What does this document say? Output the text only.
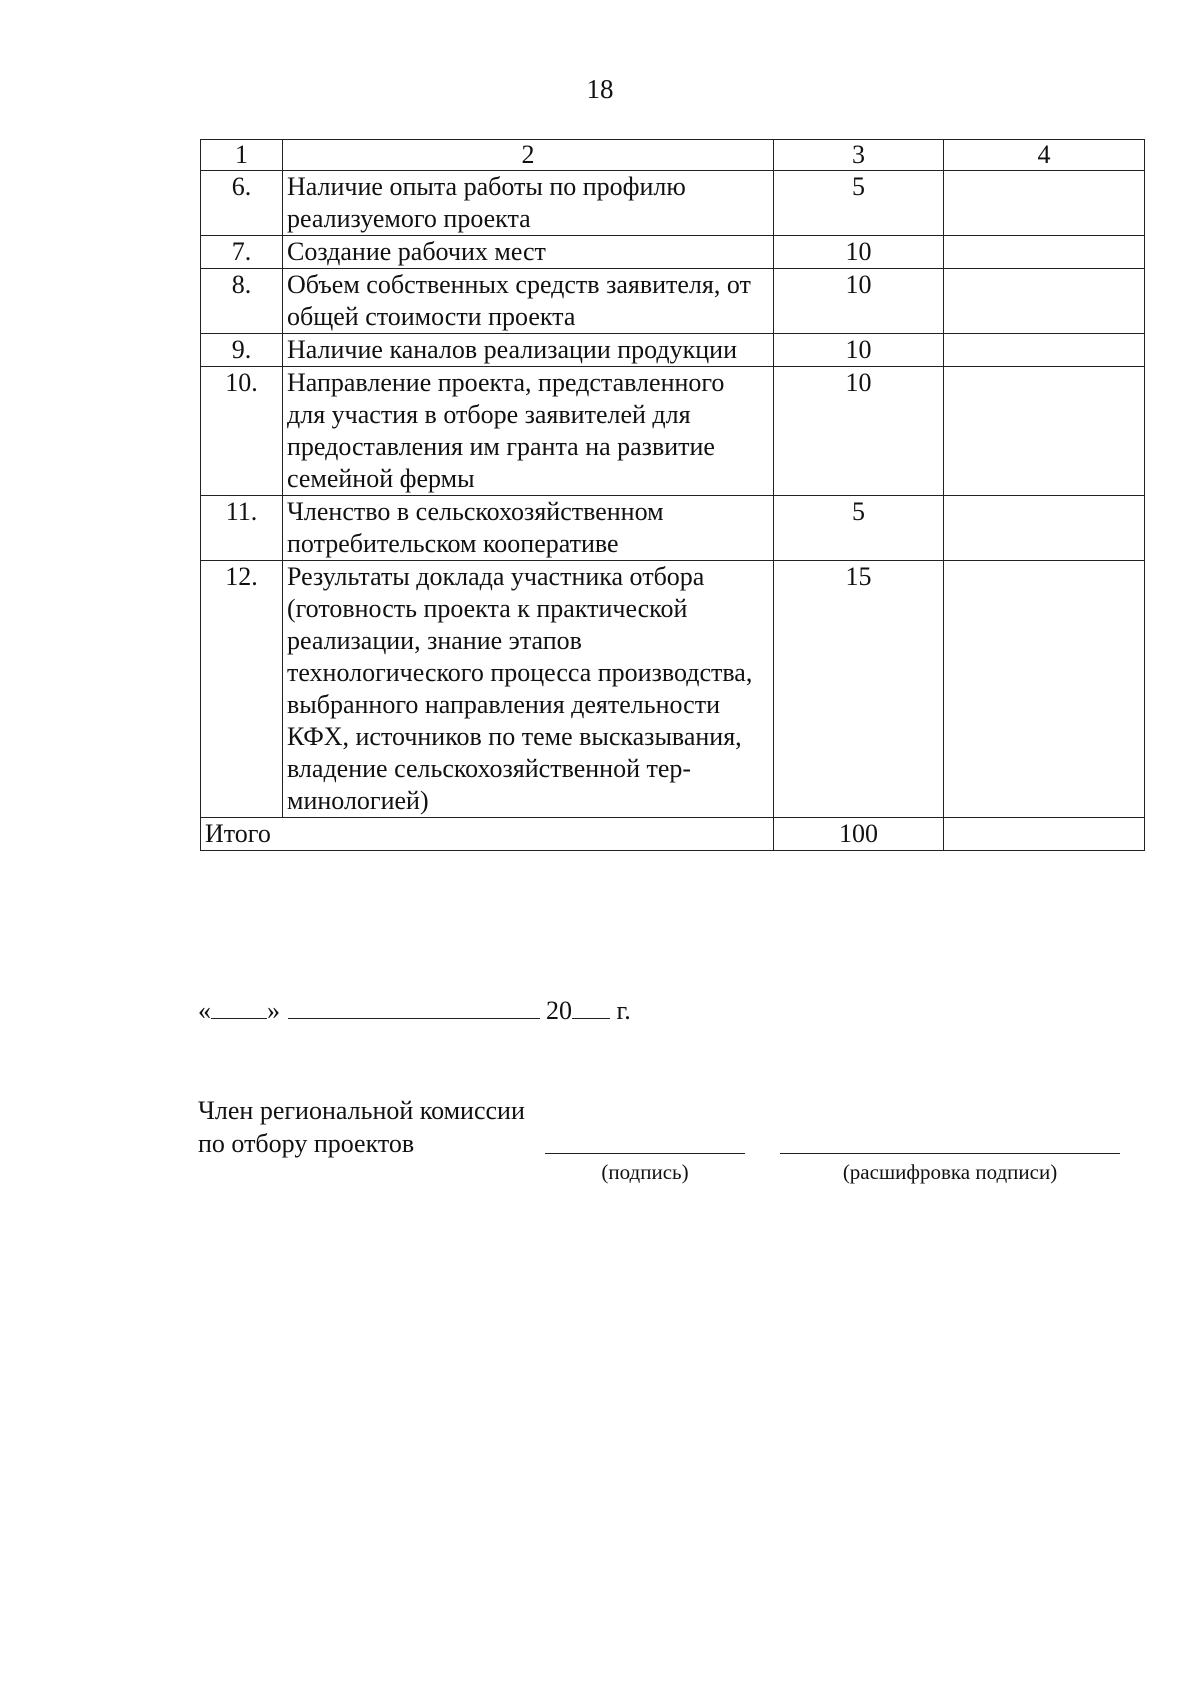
18
1	2	3	4
6.	Наличие опыта работы по профилю реализуемого проекта	5	
7.	Создание рабочих мест	10	
8.	Объем собственных средств заявителя, от общей стоимости проекта	10	
9.	Наличие каналов реализации продукции	10	
10.	Направление проекта, представленного для участия в отборе заявителей для предоставления им гранта на развитие семейной фермы	10	
11.	Членство в сельскохозяйственном потребительском кооперативе	5	
12.	Результаты доклада участника отбора (готовность проекта к практической реализации, знание этапов технологического процесса производства, выбранного направления деятельности КФХ, источников по теме высказывания, владение сельскохозяйственной тер-минологией)	15	
Итого		100	
« »	20 г.
Член региональной комиссии
по отбору проектов
(подпись)	(расшифровка подписи)
